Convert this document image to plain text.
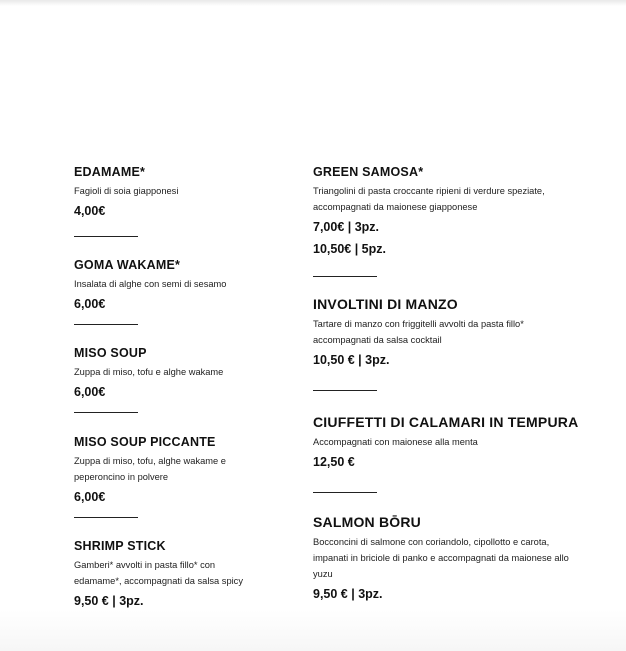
EDAMAME*
Fagioli di soia giapponesi
4,00€
GOMA WAKAME*
Insalata di alghe con semi di sesamo
6,00€
MISO SOUP
Zuppa di miso, tofu e alghe wakame
6,00€
MISO SOUP PICCANTE
Zuppa di miso, tofu, alghe wakame e peperoncino in polvere
6,00€
SHRIMP STICK
Gamberi* avvolti in pasta fillo* con edamame*, accompagnati da salsa spicy
9,50 € | 3pz.
GREEN SAMOSA*
Triangolini di pasta croccante ripieni di verdure speziate, accompagnati da maionese giapponese
7,00€ | 3pz.
10,50€ | 5pz.
INVOLTINI DI MANZO
Tartare di manzo con friggitelli avvolti da pasta fillo* accompagnati da salsa cocktail
10,50 € | 3pz.
CIUFFETTI DI CALAMARI IN TEMPURA
Accompagnati con maionese alla menta
12,50 €
SALMON BŌRU
Bocconcini di salmone con coriandolo, cipollotto e carota, impanati in briciole di panko e accompagnati da maionese allo yuzu
9,50 € | 3pz.
